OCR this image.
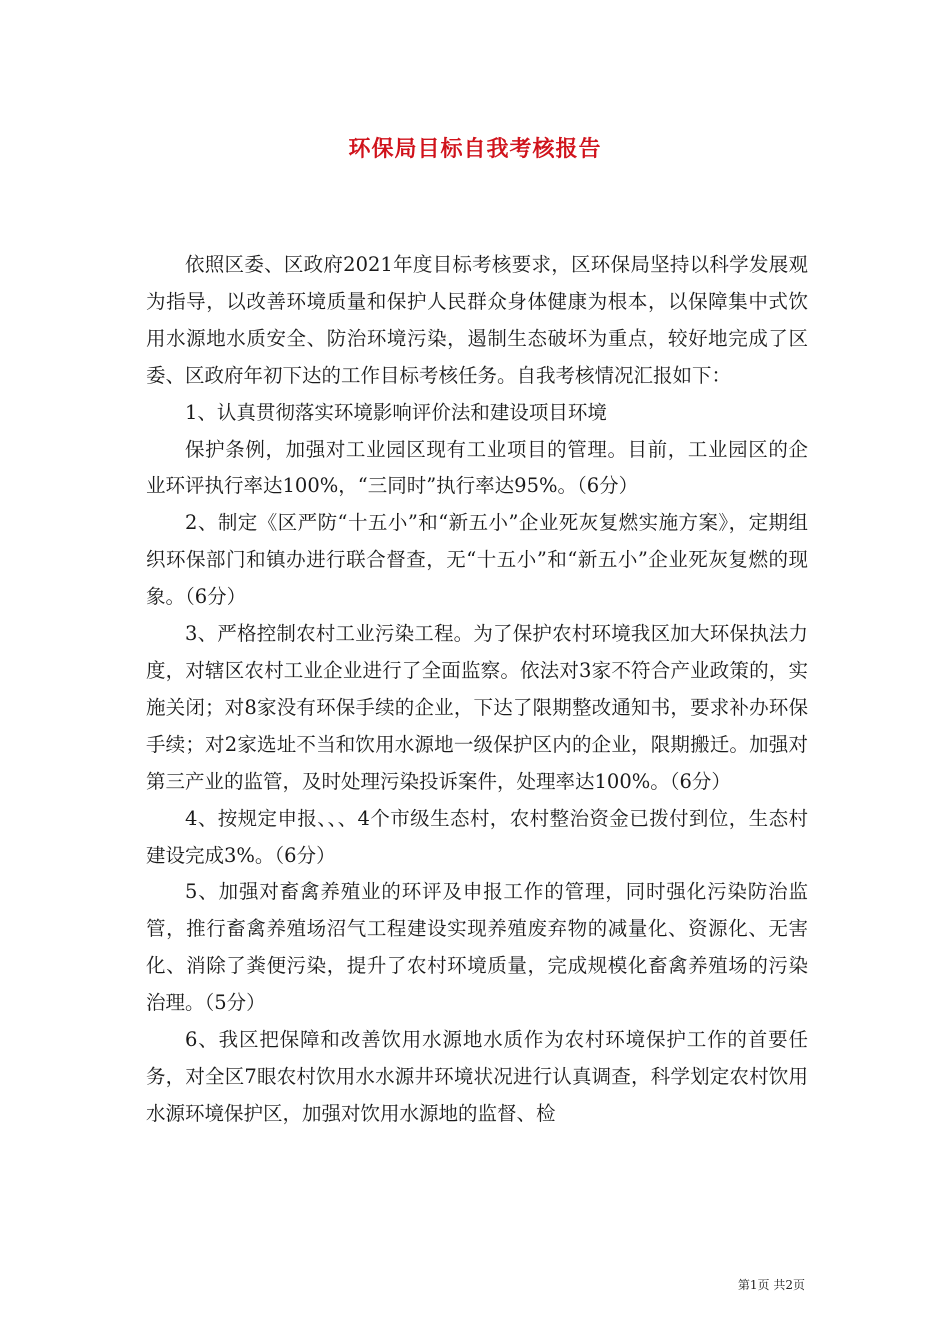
环保局目标自我考核报告

依照区委、区政府2021年度目标考核要求，区环保局坚持以科学发展观为指导，以改善环境质量和保护人民群众身体健康为根本，以保障集中式饮用水源地水质安全、防治环境污染，遏制生态破坏为重点，较好地完成了区委、区政府年初下达的工作目标考核任务。自我考核情况汇报如下：

1、认真贯彻落实环境影响评价法和建设项目环境

保护条例，加强对工业园区现有工业项目的管理。目前，工业园区的企业环评执行率达100%，“三同时”执行率达95%。（6分）

2、制定《区严防“十五小”和“新五小”企业死灰复燃实施方案》，定期组织环保部门和镇办进行联合督查，无“十五小”和“新五小”企业死灰复燃的现象。（6分）

3、严格控制农村工业污染工程。为了保护农村环境我区加大环保执法力度，对辖区农村工业企业进行了全面监察。依法对3家不符合产业政策的，实施关闭；对8家没有环保手续的企业，下达了限期整改通知书，要求补办环保手续；对2家选址不当和饮用水源地一级保护区内的企业，限期搬迁。加强对第三产业的监管，及时处理污染投诉案件，处理率达100%。（6分）

4、按规定申报、、、4个市级生态村，农村整治资金已拨付到位，生态村建设完成3%。（6分）

5、加强对畜禽养殖业的环评及申报工作的管理，同时强化污染防治监管，推行畜禽养殖场沼气工程建设实现养殖废弃物的减量化、资源化、无害化、消除了粪便污染，提升了农村环境质量，完成规模化畜禽养殖场的污染治理。（5分）

6、我区把保障和改善饮用水源地水质作为农村环境保护工作的首要任务，对全区7眼农村饮用水水源井环境状况进行认真调查，科学划定农村饮用水源环境保护区，加强对饮用水源地的监督、检

第1页 共2页
